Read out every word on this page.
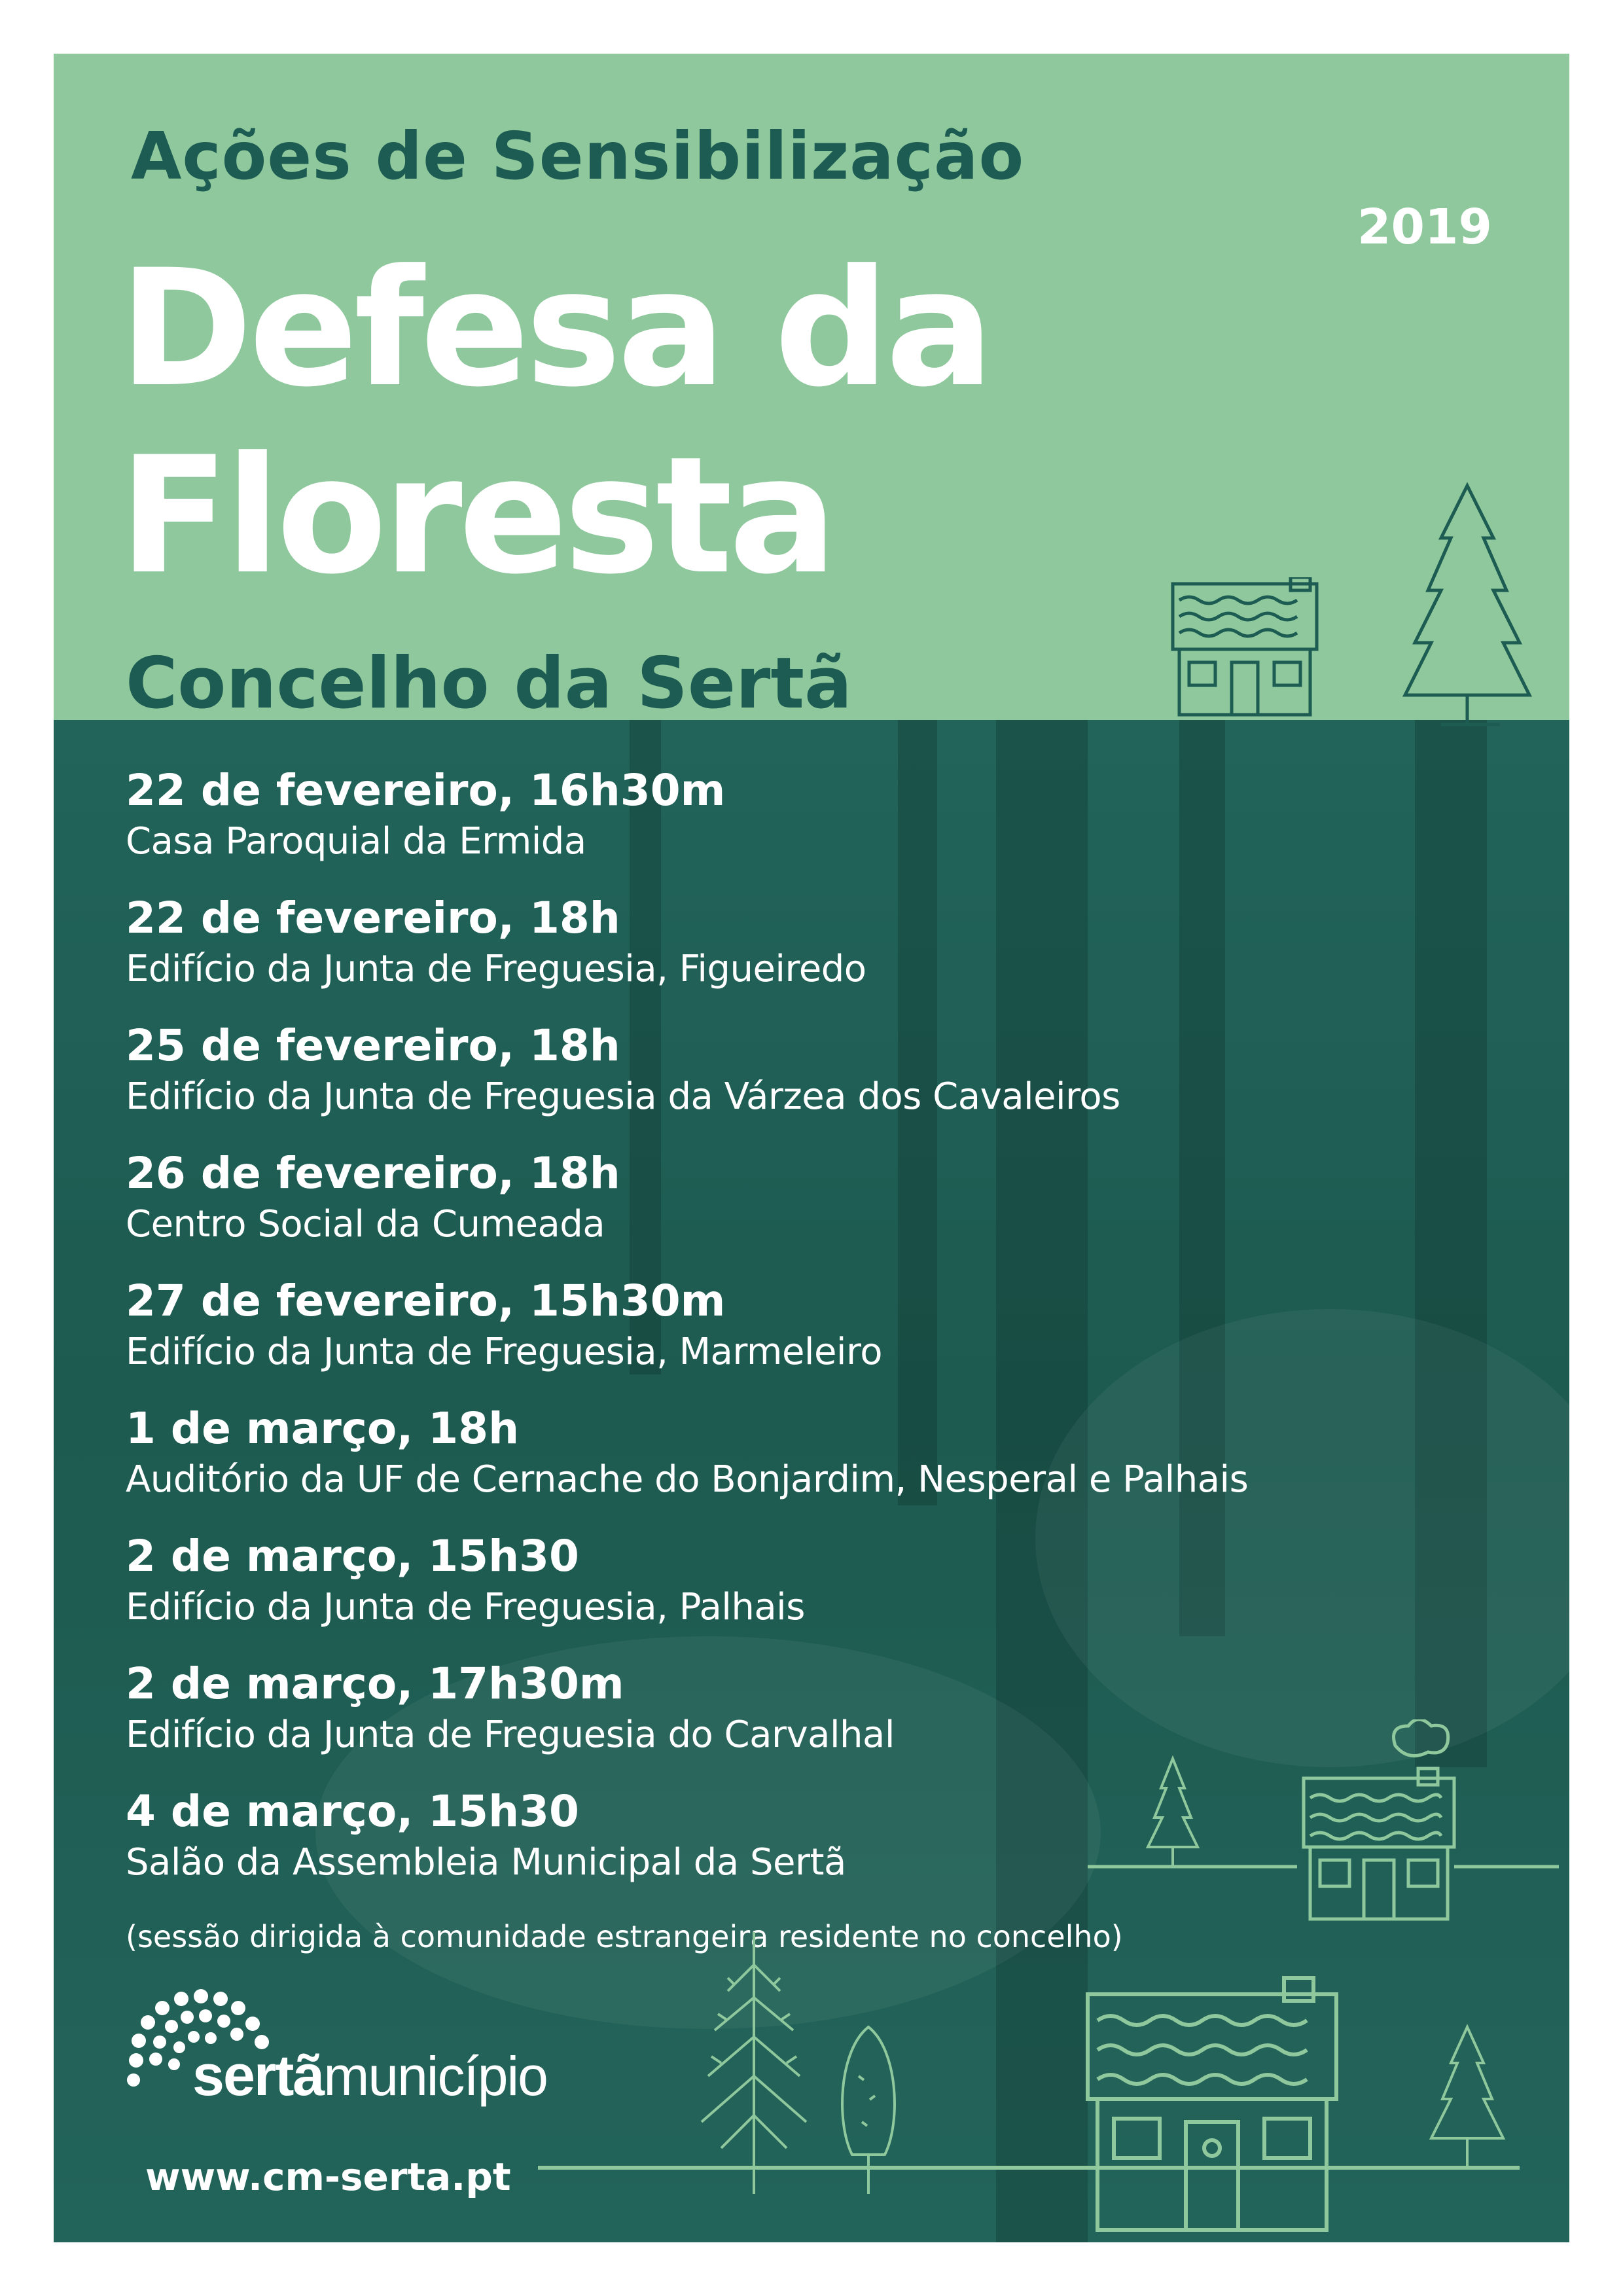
Ações de Sensibilização
2019
Defesa da
Floresta
Concelho da Sertã
22 de fevereiro, 16h30m
Casa Paroquial da Ermida
22 de fevereiro, 18h
Edifício da Junta de Freguesia, Figueiredo
25 de fevereiro, 18h
Edifício da Junta de Freguesia da Várzea dos Cavaleiros
26 de fevereiro, 18h
Centro Social da Cumeada
27 de fevereiro, 15h30m
Edifício da Junta de Freguesia, Marmeleiro
1 de março, 18h
Auditório da UF de Cernache do Bonjardim, Nesperal e Palhais
2 de março, 15h30
Edifício da Junta de Freguesia, Palhais
2 de março, 17h30m
Edifício da Junta de Freguesia do Carvalhal
4 de março, 15h30
Salão da Assembleia Municipal da Sertã
(sessão dirigida à comunidade estrangeira residente no concelho)
sertãmunicípio
www.cm-serta.pt
